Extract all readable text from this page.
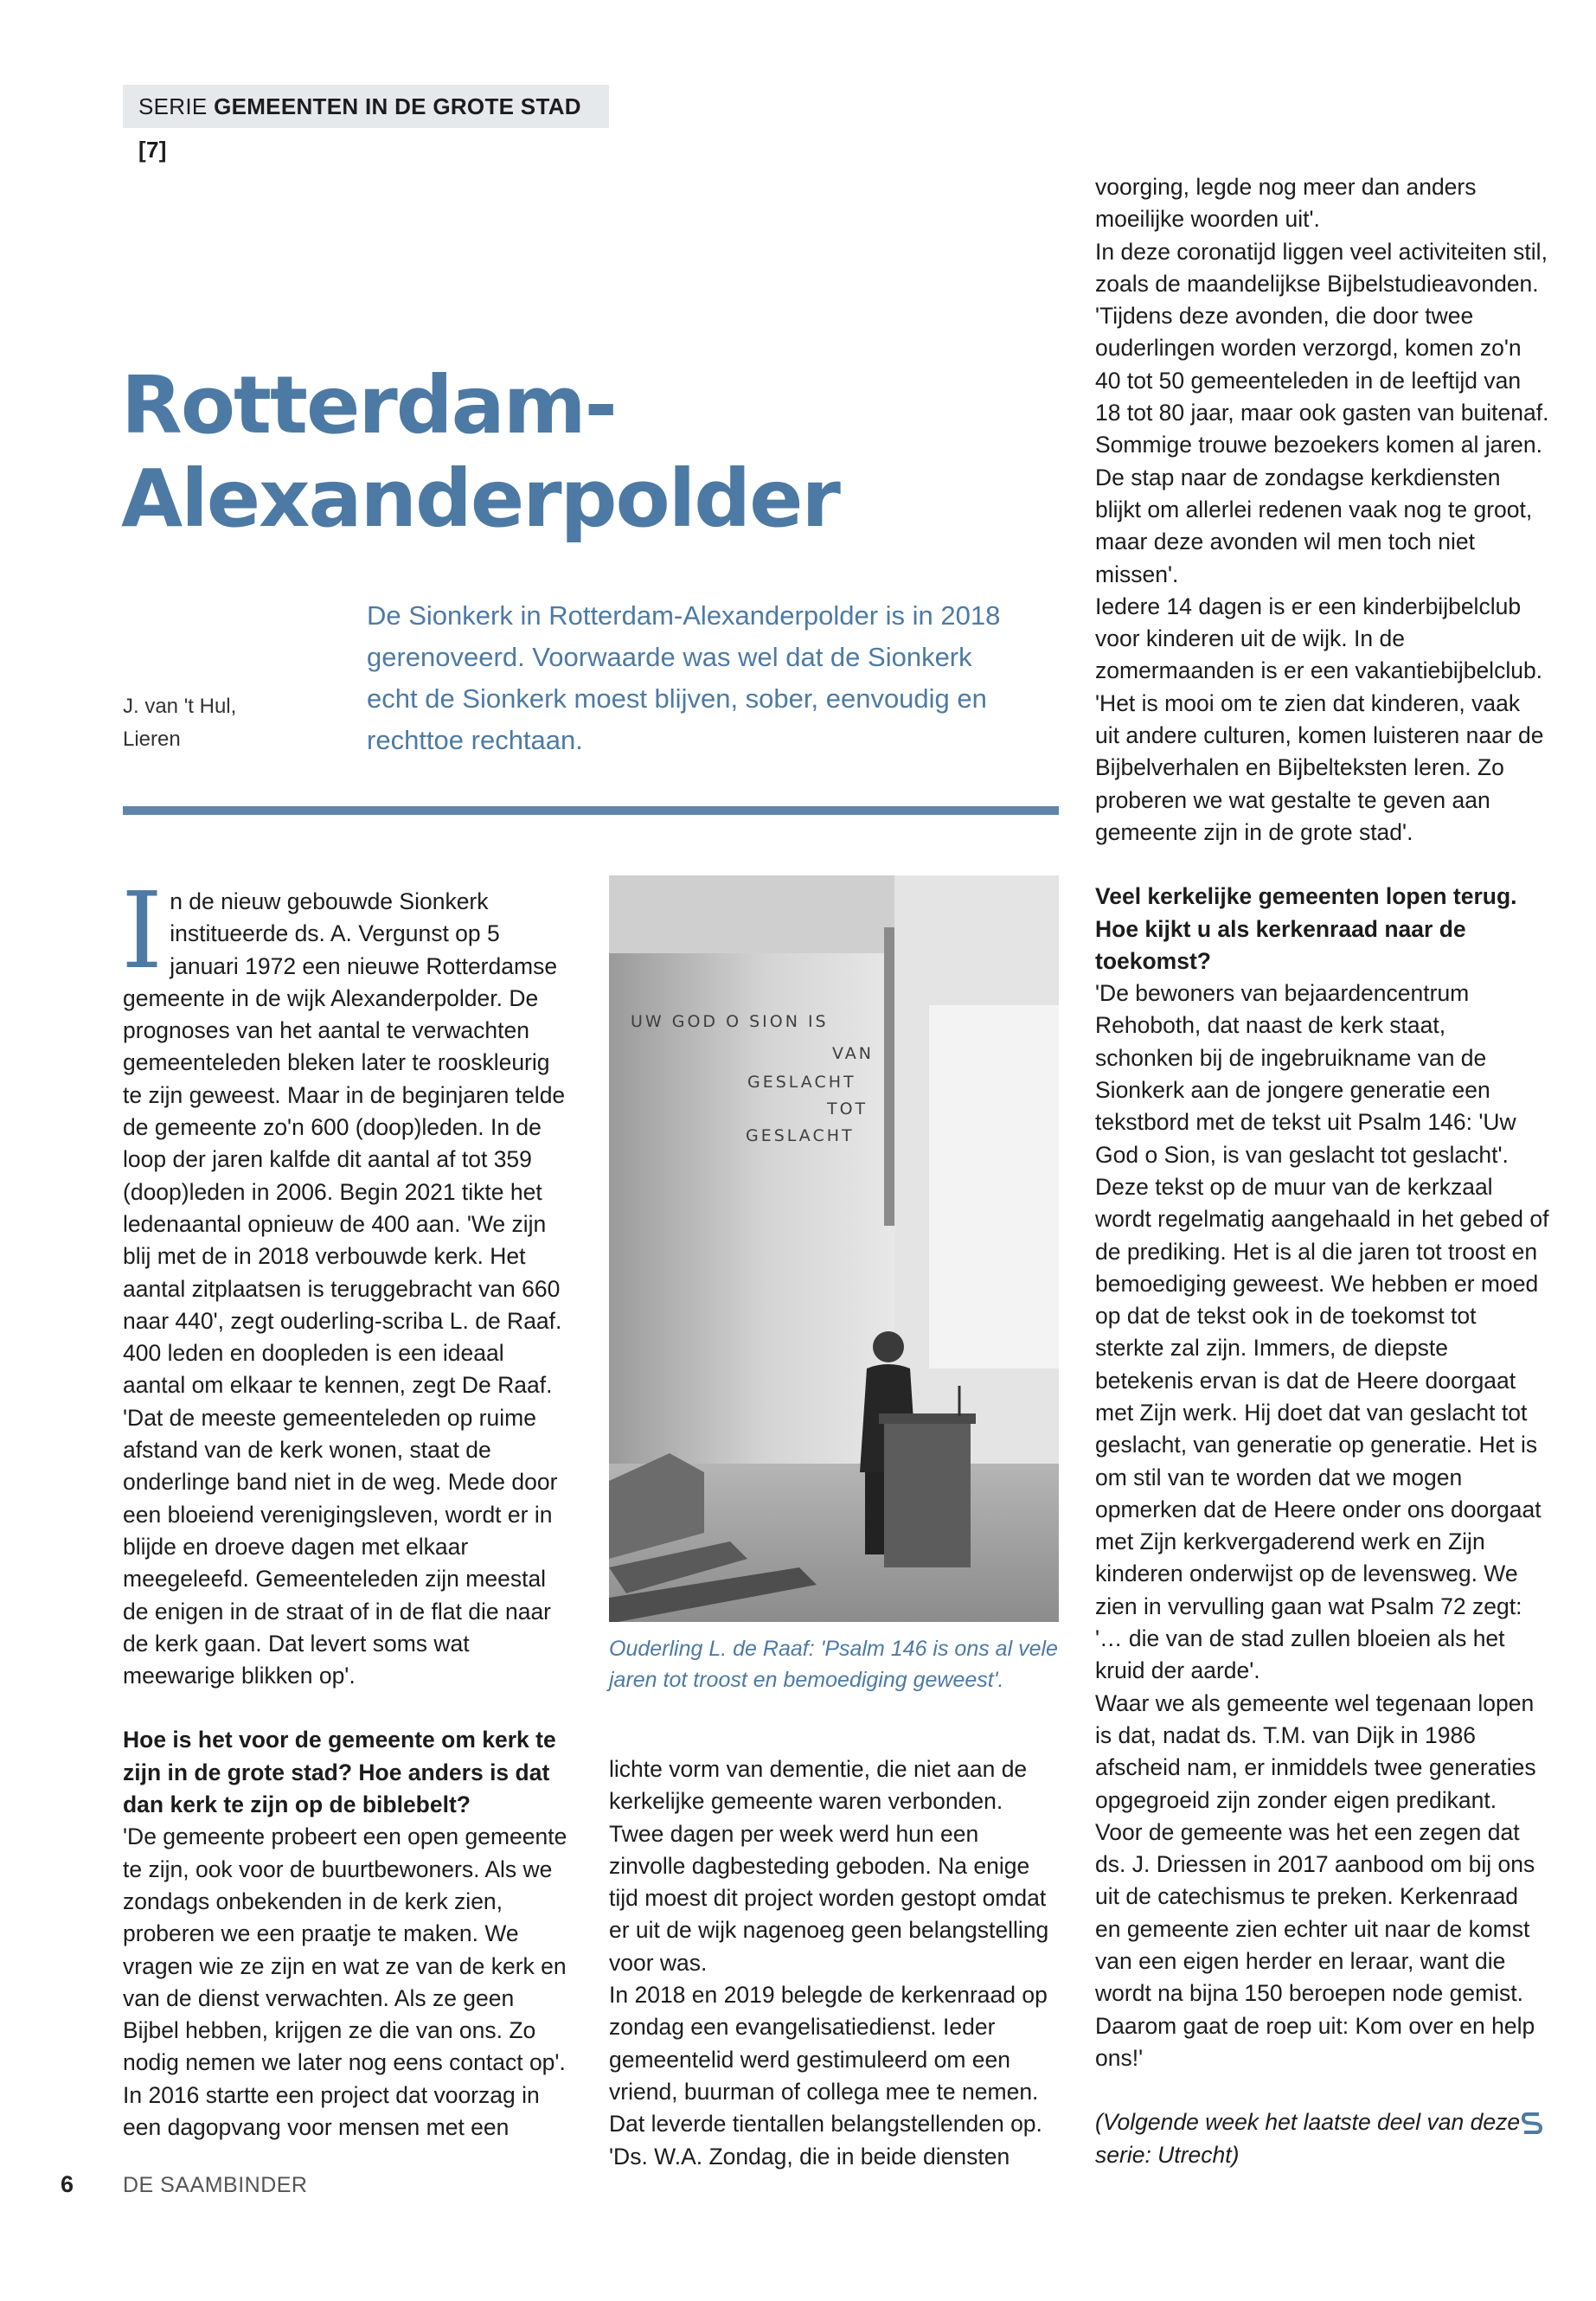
SERIE GEMEENTEN IN DE GROTE STAD [7]
Rotterdam-
Alexanderpolder
De Sionkerk in Rotterdam-Alexanderpolder is in 2018 gerenoveerd. Voorwaarde was wel dat de Sionkerk echt de Sionkerk moest blijven, sober, eenvoudig en rechttoe rechtaan.
J. van 't Hul,
Lieren

In de nieuw gebouwde Sionkerk instituеerde ds. A. Vergunst op 5 januari 1972 een nieuwe Rotterdamse gemeente in de wijk Alexanderpolder. De prognoses van het aantal te verwachten gemeenteleden bleken later te rooskleurig te zijn geweest. Maar in de beginjaren telde de gemeente zo'n 600 (doop)leden. In de loop der jaren kalfde dit aantal af tot 359 (doop)leden in 2006. Begin 2021 tikte het ledenaantal opnieuw de 400 aan. 'We zijn blij met de in 2018 verbouwde kerk. Het aantal zitplaatsen is teruggebracht van 660 naar 440', zegt ouderling-scriba L. de Raaf.

400 leden en doopleden is een ideaal aantal om elkaar te kennen, zegt De Raaf. 'Dat de meeste gemeenteleden op ruime afstand van de kerk wonen, staat de onderlinge band niet in de weg. Mede door een bloeiend verenigingsleven, wordt er in blijde en droeve dagen met elkaar meegeleefd. Gemeenteleden zijn meestal de enigen in de straat of in de flat die naar de kerk gaan. Dat levert soms wat meewarige blikken op'.

Hoe is het voor de gemeente om kerk te zijn in de grote stad? Hoe anders is dat dan kerk te zijn op de biblebelt?

'De gemeente probeert een open gemeente te zijn, ook voor de buurtbewoners. Als we zondags onbekenden in de kerk zien, proberen we een praatje te maken. We vragen wie ze zijn en wat ze van de kerk en van de dienst verwachten. Als ze geen Bijbel hebben, krijgen ze die van ons. Zo nodig nemen we later nog eens contact op'.

In 2016 startte een project dat voorzag in een dagopvang voor mensen met een

UW GOD O SION IS
VAN
GESLACHT
TOT
GESLACHT
Ouderling L. de Raaf: 'Psalm 146 is ons al vele jaren tot troost en bemoediging geweest'.

lichte vorm van dementie, die niet aan de kerkelijke gemeente waren verbonden. Twee dagen per week werd hun een zinvolle dagbesteding geboden. Na enige tijd moest dit project worden gestopt omdat er uit de wijk nagenoeg geen belangstelling voor was.

In 2018 en 2019 belegde de kerkenraad op zondag een evangelisatiedienst. Ieder gemeentelid werd gestimuleerd om een vriend, buurman of collega mee te nemen. Dat leverde tientallen belangstellenden op. 'Ds. W.A. Zondag, die in beide diensten

voorging, legde nog meer dan anders moeilijke woorden uit'.

In deze coronatijd liggen veel activiteiten stil, zoals de maandelijkse Bijbelstudieavonden. 'Tijdens deze avonden, die door twee ouderlingen worden verzorgd, komen zo'n 40 tot 50 gemeenteleden in de leeftijd van 18 tot 80 jaar, maar ook gasten van buitenaf. Sommige trouwe bezoekers komen al jaren. De stap naar de zondagse kerkdiensten blijkt om allerlei redenen vaak nog te groot, maar deze avonden wil men toch niet missen'.

Iedere 14 dagen is er een kinderbijbelclub voor kinderen uit de wijk. In de zomermaanden is er een vakantiebijbelclub. 'Het is mooi om te zien dat kinderen, vaak uit andere culturen, komen luisteren naar de Bijbelverhalen en Bijbelteksten leren. Zo proberen we wat gestalte te geven aan gemeente zijn in de grote stad'.

Veel kerkelijke gemeenten lopen terug. Hoe kijkt u als kerkenraad naar de toekomst?

'De bewoners van bejaardencentrum Rehoboth, dat naast de kerk staat, schonken bij de ingebruikname van de Sionkerk aan de jongere generatie een tekstbord met de tekst uit Psalm 146: 'Uw God o Sion, is van geslacht tot geslacht'. Deze tekst op de muur van de kerkzaal wordt regelmatig aangehaald in het gebed of de prediking. Het is al die jaren tot troost en bemoediging geweest. We hebben er moed op dat de tekst ook in de toekomst tot sterkte zal zijn. Immers, de diepste betekenis ervan is dat de Heere doorgaat met Zijn werk. Hij doet dat van geslacht tot geslacht, van generatie op generatie. Het is om stil van te worden dat we mogen opmerken dat de Heere onder ons doorgaat met Zijn kerkvergaderend werk en Zijn kinderen onderwijst op de levensweg. We zien in vervulling gaan wat Psalm 72 zegt: '… die van de stad zullen bloeien als het kruid der aarde'.

Waar we als gemeente wel tegenaan lopen is dat, nadat ds. T.M. van Dijk in 1986 afscheid nam, er inmiddels twee generaties opgegroeid zijn zonder eigen predikant. Voor de gemeente was het een zegen dat ds. J. Driessen in 2017 aanbood om bij ons uit de catechismus te preken. Kerkenraad en gemeente zien echter uit naar de komst van een eigen herder en leraar, want die wordt na bijna 150 beroepen node gemist. Daarom gaat de roep uit: Kom over en help ons!'

(Volgende week het laatste deel van deze serie: Utrecht)

6 DE SAAMBINDER
